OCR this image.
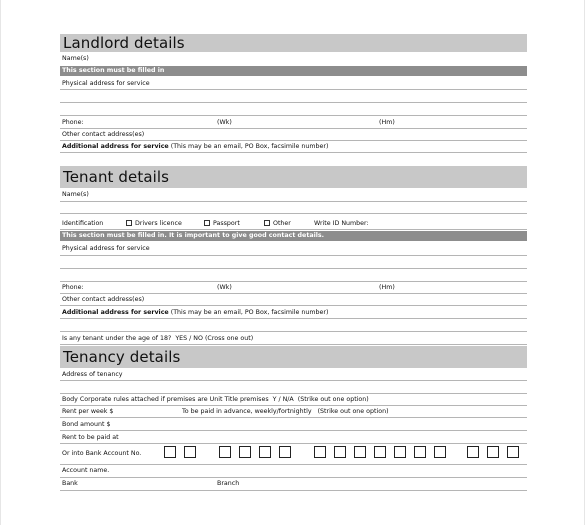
Landlord details
Name(s)
This section must be filled in
Physical address for service
Phone:	(Wk)	(Hm)
Other contact address(es)
Additional address for service (This may be an email, PO Box, facsimile number)
Tenant details
Name(s)
Identification	Drivers licence	Passport	Other	Write ID Number:
This section must be filled in. It is important to give good contact details.
Physical address for service
Phone:	(Wk)	(Hm)
Other contact address(es)
Additional address for service (This may be an email, PO Box, facsimile number)
Is any tenant under the age of 18? YES / NO (Cross one out)
Tenancy details
Address of tenancy
Body Corporate rules attached if premises are Unit Title premises Y / N/A (Strike out one option)
Rent per week $	To be paid in advance, weekly/fortnightly (Strike out one option)
Bond amount $
Rent to be paid at
Or into Bank Account No.
Account name.
Bank	Branch
